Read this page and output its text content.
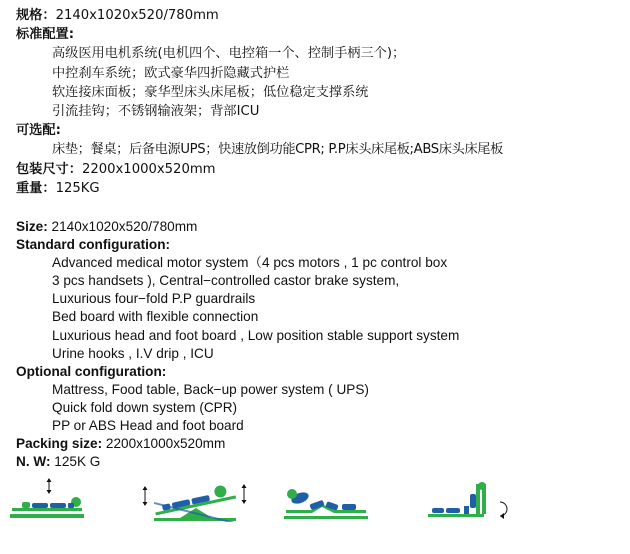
规格：2140x1020x520/780mm
标准配置:
高级医用电机系统(电机四个、电控箱一个、控制手柄三个)；
中控刹车系统；欧式豪华四折隐藏式护栏
软连接床面板；豪华型床头床尾板；低位稳定支撑系统
引流挂钩；不锈钢输液架；背部ICU
可选配:
床垫；餐桌；后备电源UPS；快速放倒功能CPR; P.P床头床尾板;ABS床头床尾板
包装尺寸：2200x1000x520mm
重量：125KG
Size: 2140x1020x520/780mm
Standard configuration:
Advanced medical motor system（4 pcs motors , 1 pc control box
3 pcs handsets ), Central−controlled castor brake system,
Luxurious four−fold P.P guardrails
Bed board with flexible connection
Luxurious head and foot board , Low position stable support system
Urine hooks , I.V drip , ICU
Optional configuration:
Mattress, Food table, Back−up power system ( UPS)
Quick fold down system (CPR)
PP or ABS Head and foot board
Packing size: 2200x1000x520mm
N. W: 125K G
